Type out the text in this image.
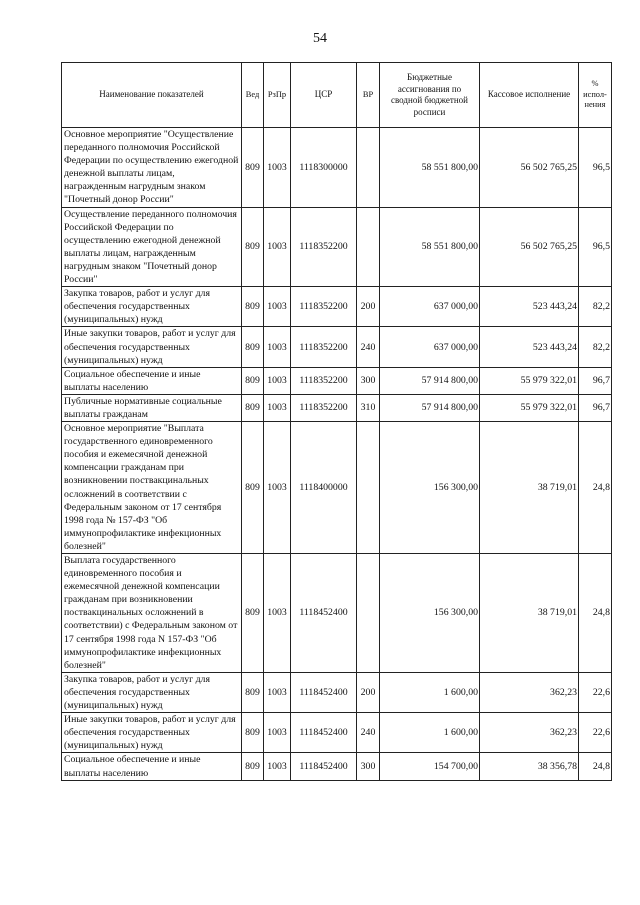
54
Наименование показателей	Вед	РзПр	ЦСР	ВР	Бюджетные ассигнования по сводной бюджетной росписи	Кассовое исполнение	% испол-нения
Основное мероприятие "Осуществление переданного полномочия Российской Федерации по осуществлению ежегодной денежной выплаты лицам, награжденным нагрудным знаком "Почетный донор России"	809	1003	1118300000		58 551 800,00	56 502 765,25	96,5
Осуществление переданного полномочия Российской Федерации по осуществлению ежегодной денежной выплаты лицам, награжденным нагрудным знаком "Почетный донор России"	809	1003	1118352200		58 551 800,00	56 502 765,25	96,5
Закупка товаров, работ и услуг для обеспечения государственных (муниципальных) нужд	809	1003	1118352200	200	637 000,00	523 443,24	82,2
Иные закупки товаров, работ и услуг для обеспечения государственных (муниципальных) нужд	809	1003	1118352200	240	637 000,00	523 443,24	82,2
Социальное обеспечение и иные выплаты населению	809	1003	1118352200	300	57 914 800,00	55 979 322,01	96,7
Публичные нормативные социальные выплаты гражданам	809	1003	1118352200	310	57 914 800,00	55 979 322,01	96,7
Основное мероприятие "Выплата государственного единовременного пособия и ежемесячной денежной компенсации гражданам при возникновении поствакцинальных осложнений в соответствии с Федеральным законом от 17 сентября 1998 года № 157-ФЗ "Об иммунопрофилактике инфекционных болезней"	809	1003	1118400000		156 300,00	38 719,01	24,8
Выплата государственного единовременного пособия и ежемесячной денежной компенсации гражданам при возникновении поствакцинальных осложнений в соответствии) с Федеральным законом от 17 сентября 1998 года N 157-ФЗ "Об иммунопрофилактике инфекционных болезней"	809	1003	1118452400		156 300,00	38 719,01	24,8
Закупка товаров, работ и услуг для обеспечения государственных (муниципальных) нужд	809	1003	1118452400	200	1 600,00	362,23	22,6
Иные закупки товаров, работ и услуг для обеспечения государственных (муниципальных) нужд	809	1003	1118452400	240	1 600,00	362,23	22,6
Социальное обеспечение и иные выплаты населению	809	1003	1118452400	300	154 700,00	38 356,78	24,8
